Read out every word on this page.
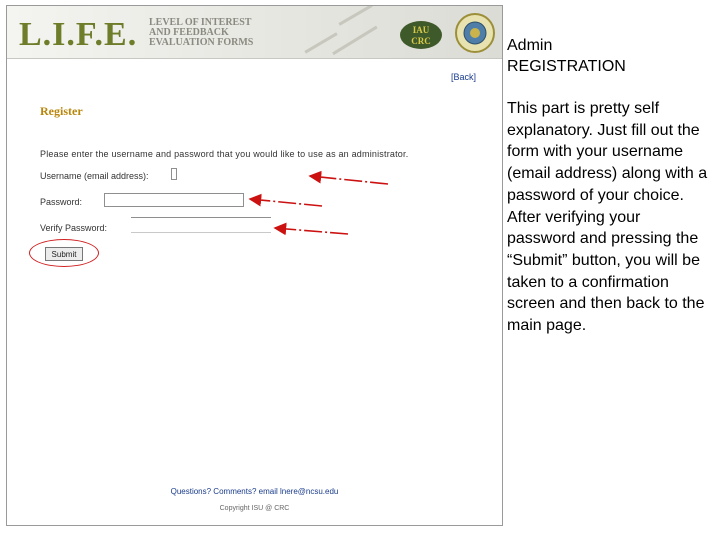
L.I.F.E. LEVEL OF INTEREST
AND FEEDBACK
EVALUATION FORMS
IAU
CRC
[Back]
Register
Please enter the username and password that you would like to use as an administrator.
Username (email address):
Password:
Verify Password:
Submit
Questions? Comments? email lnere@ncsu.edu
Copyright ISU @ CRC
Admin
REGISTRATION
This part is pretty self explanatory. Just fill out the form with your username (email address) along with a password of your choice. After verifying your password and pressing the “Submit” button, you will be taken to a confirmation screen and then back to the main page.
